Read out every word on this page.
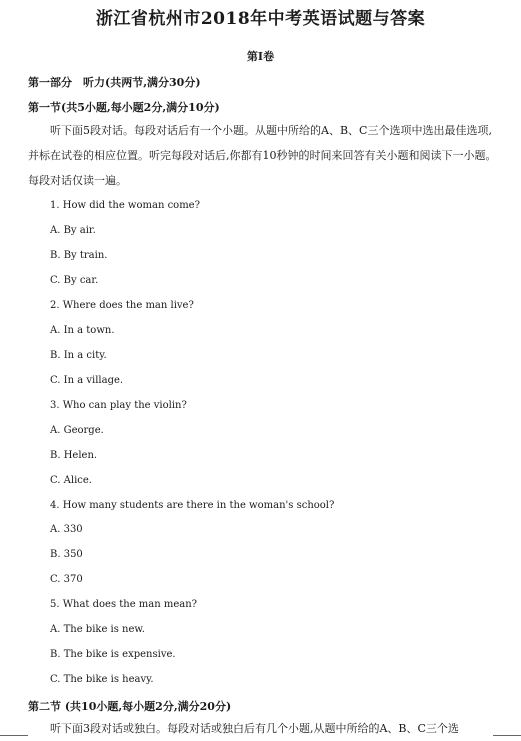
浙江省杭州市2018年中考英语试题与答案
第I卷
第一部分　听力(共两节,满分30分)
第一节(共5小题,每小题2分,满分10分)

听下面5段对话。每段对话后有一个小题。从题中所给的A、B、C三个选项中选出最佳选项,并标在试卷的相应位置。听完每段对话后,你都有10秒钟的时间来回答有关小题和阅读下一小题。每段对话仅读一遍。

1. How did the woman come?
A. By air.
B. By train.
C. By car.
2. Where does the man live?
A. In a town.
B. In a city.
C. In a village.
3. Who can play the violin?
A. George.
B. Helen.
C. Alice.
4. How many students are there in the woman's school?
A. 330
B. 350
C. 370
5. What does the man mean?
A. The bike is new.
B. The bike is expensive.
C. The bike is heavy.
第二节 (共10小题,每小题2分,满分20分)

听下面3段对话或独白。每段对话或独白后有几个小题,从题中所给的A、B、C三个选
